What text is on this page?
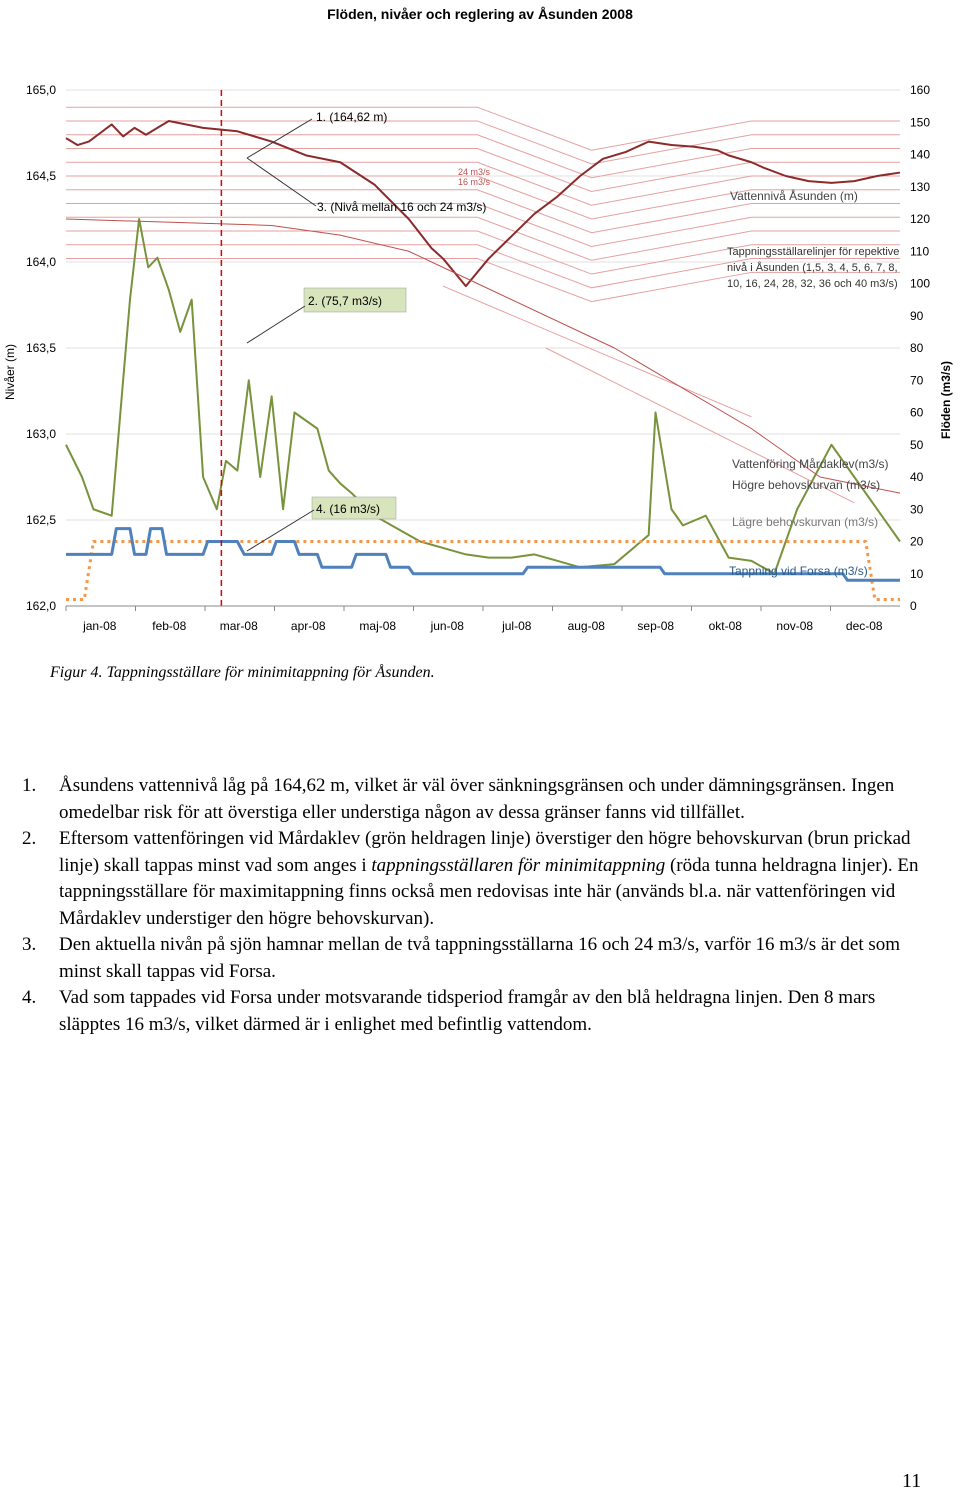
Flöden, nivåer och reglering av Åsunden 2008
165,0
164,5
164,0
163,5
163,0
162,5
162,0
160
150
140
130
120
110
100
90
80
70
60
50
40
30
20
10
0
jan-08	feb-08	mar-08	apr-08	maj-08	jun-08	jul-08	aug-08	sep-08	okt-08	nov-08	dec-08
Nivåer (m)	Flöden (m3/s)
1. (164,62 m)
2. (75,7 m3/s)
3. (Nivå mellan 16 och 24 m3/s)
4. (16 m3/s)
24 m3/s
16 m3/s
Vattennivå Åsunden (m)
Tappningsställarelinjer för repektive nivå i Åsunden (1,5, 3, 4, 5, 6, 7, 8, 10, 16, 24, 28, 32, 36 och 40 m3/s)
Vattenföring Mårdaklev(m3/s)
Högre behovskurvan (m3/s)
Lägre behovskurvan (m3/s)
Tappning vid Forsa (m3/s)
Figur 4. Tappningsställare för minimitappning för Åsunden.
1.	Åsundens vattennivå låg på 164,62 m, vilket är väl över sänkningsgränsen och under dämningsgränsen. Ingen omedelbar risk för att överstiga eller understiga någon av dessa gränser fanns vid tillfället.
2.	Eftersom vattenföringen vid Mårdaklev (grön heldragen linje) överstiger den högre behovskurvan (brun prickad linje) skall tappas minst vad som anges i tappningsställaren för minimitappning (röda tunna heldragna linjer). En tappningsställare för maximitappning finns också men redovisas inte här (används bl.a. när vattenföringen vid Mårdaklev understiger den högre behovskurvan).
3.	Den aktuella nivån på sjön hamnar mellan de två tappningsställarna 16 och 24 m3/s, varför 16 m3/s är det som minst skall tappas vid Forsa.
4.	Vad som tappades vid Forsa under motsvarande tidsperiod framgår av den blå heldragna linjen. Den 8 mars släpptes 16 m3/s, vilket därmed är i enlighet med befintlig vattendom.
11
